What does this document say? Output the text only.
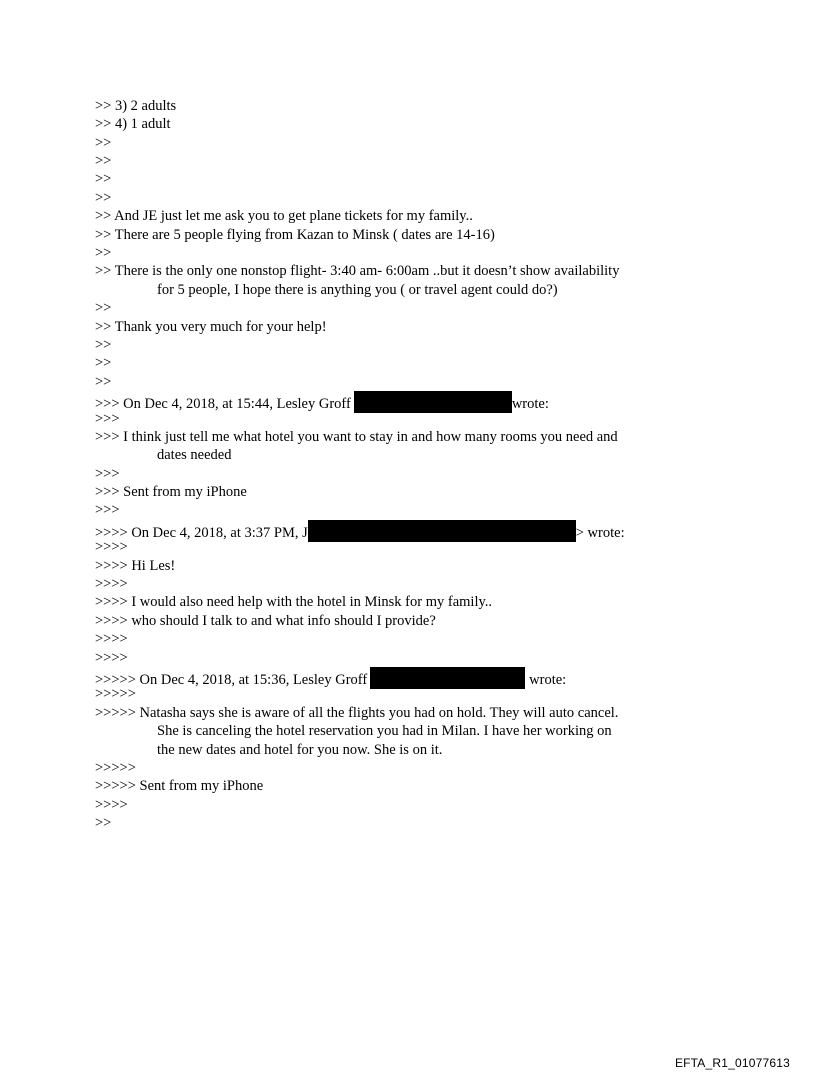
>> 3) 2 adults
>> 4) 1 adult
>>
>>
>>
>>
>> And JE just let me ask you to get plane tickets for my family..
>> There are 5 people flying from Kazan to Minsk ( dates are 14-16)
>>
>> There is the only one nonstop flight- 3:40 am- 6:00am ..but it doesn’t show availability
for 5 people, I hope there is anything you ( or travel agent could do?)
>>
>> Thank you very much for your help!
>>
>>
>>
>>> On Dec 4, 2018, at 15:44, Lesley Groff	wrote:
>>>
>>> I think just tell me what hotel you want to stay in and how many rooms you need and
dates needed
>>>
>>> Sent from my iPhone
>>>
>>>> On Dec 4, 2018, at 3:37 PM, J	> wrote:
>>>>
>>>> Hi Les!
>>>>
>>>> I would also need help with the hotel in Minsk for my family..
>>>> who should I talk to and what info should I provide?
>>>>
>>>>
>>>>> On Dec 4, 2018, at 15:36, Lesley Groff	wrote:
>>>>>
>>>>> Natasha says she is aware of all the flights you had on hold. They will auto cancel.
She is canceling the hotel reservation you had in Milan. I have her working on
the new dates and hotel for you now. She is on it.
>>>>>
>>>>> Sent from my iPhone
>>>>
>>
EFTA_R1_01077613
